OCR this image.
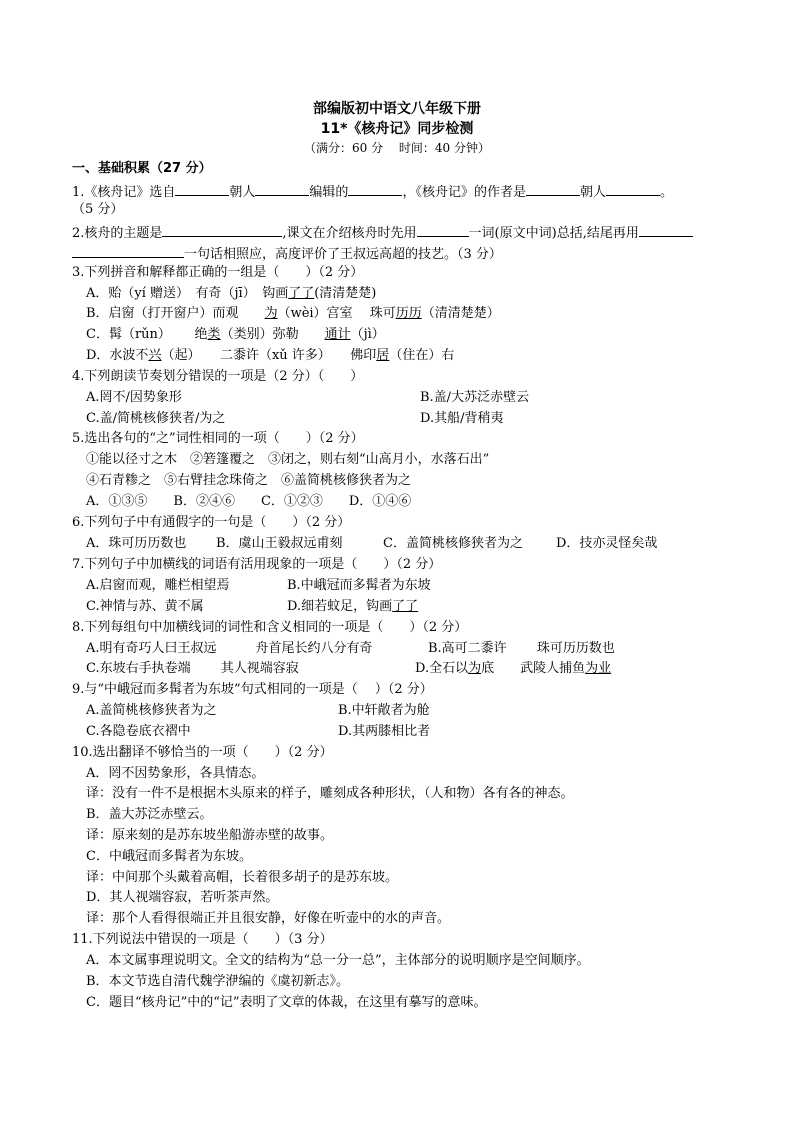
部编版初中语文八年级下册
11*《核舟记》同步检测
（满分：60 分　 时间：40 分钟）
一、基础积累（27 分）
1.《核舟记》选自	朝人	编辑的	，《核舟记》的作者是	朝人	。
（5 分）
2.核舟的主题是	,课文在介绍核舟时先用	一词(原文中词)总括,结尾再用
一句话相照应，高度评价了王叔远高超的技艺。（3 分）
3.下列拼音和解释都正确的一组是（　　）（2 分）
A．贻（yí 赠送）　有奇（jī）　钩画了了(清清楚楚)
B．启窗（打开窗户）而观　　为（wèi）宫室　 珠可历历（清清楚楚）
C．髯（rǔn）　　 绝类（类别）弥勒　　通计（jì）
D．水波不兴（起）　　二黍许（xǔ 许多）　　佛印居（住在）右
4.下列朗读节奏划分错误的一项是（2 分）（　　）
A.罔不/因势象形	B.盖/大苏泛赤壁云
C.盖/简桃核修狭者/为之	D.其船/背稍夷
5.选出各句的“之”词性相同的一项（　　）（2 分）
①能以径寸之木　②箬篷覆之　③闭之，则右刻“山高月小，水落石出”
④石青糁之　⑤右臂挂念珠倚之　⑥盖简桃核修狭者为之
A．①③⑤　　B．②④⑥　　C．①②③　　D．①④⑥
6.下列句子中有通假字的一句是（　　）（2 分）
A．珠可历历数也 B．虞山王毅叔远甫刻	C．盖简桃核修狭者为之	D．技亦灵怪矣哉
7.下列句子中加横线的词语有活用现象的一项是（　　）（2 分）
A.启窗而观，雕栏相望焉	B.中峨冠而多髯者为东坡
C.神情与苏、黄不属	D.细若蚊足，钩画了了
8.下列每组句中加横线词的词性和含义相同的一项是（　　）（2 分）
A.明有奇巧人曰王叔远　　　舟首尾长约八分有奇	B.高可二黍许　　 珠可历历数也
C.东坡右手执卷端　　 其人视端容寂	D.全石以为底　　武陵人捕鱼为业
9.与“中峨冠而多髯者为东坡”句式相同的一项是（　 ）（2 分）
A.盖简桃核修狭者为之	B.中轩敞者为舱
C.各隐卷底衣褶中	D.其两膝相比者
10.选出翻译不够恰当的一项（　　）（2 分）
A．罔不因势象形，各具情态。
译：没有一件不是根据木头原来的样子，雕刻成各种形状，（人和物）各有各的神态。
B．盖大苏泛赤壁云。
译：原来刻的是苏东坡坐船游赤壁的故事。
C．中峨冠而多髯者为东坡。
译：中间那个头戴着高帽，长着很多胡子的是苏东坡。
D．其人视端容寂，若听茶声然。
译：那个人看得很端正并且很安静，好像在听壶中的水的声音。
11.下列说法中错误的一项是（　　）（3 分）
A．本文属事理说明文。全文的结构为“总一分一总”，主体部分的说明顺序是空间顺序。
B．本文节选自清代魏学洢编的《虞初新志》。
C．题目“核舟记”中的“记”表明了文章的体裁，在这里有摹写的意味。
